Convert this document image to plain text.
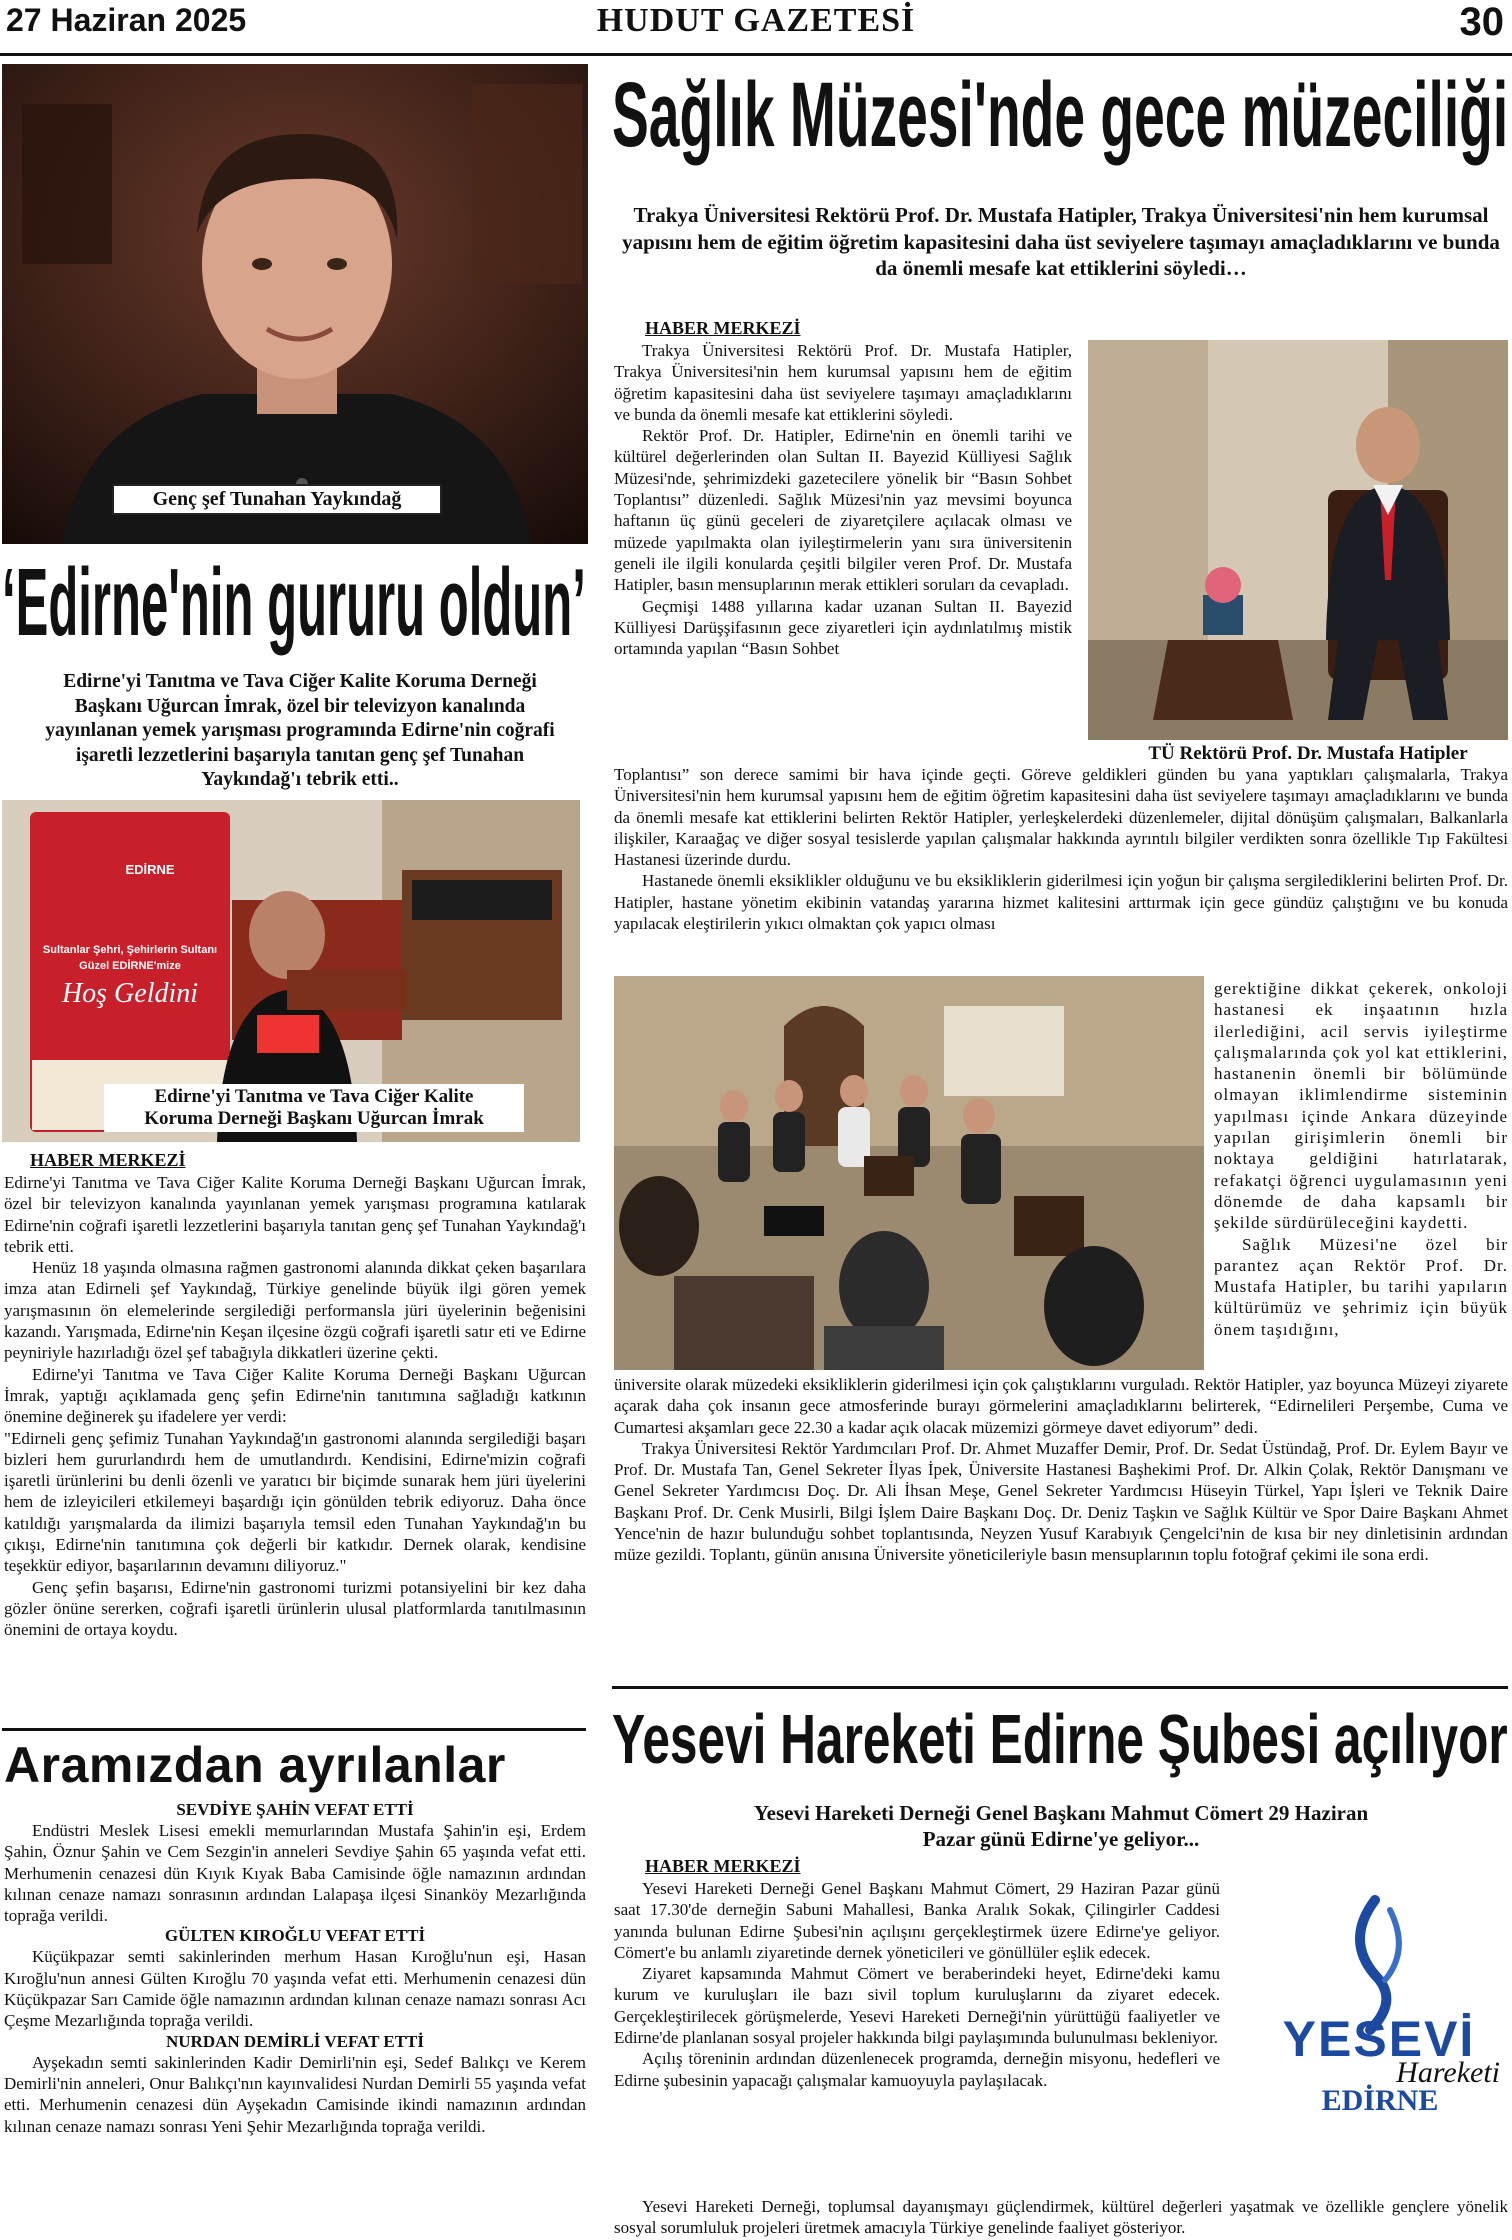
27 Haziran 2025	HUDUT GAZETESİ	30
Genç şef Tunahan Yaykındağ
‘Edirne'nin gururu oldun’
Edirne'yi Tanıtma ve Tava Ciğer Kalite Koruma Derneği Başkanı Uğurcan İmrak, özel bir televizyon kanalında yayınlanan yemek yarışması programında Edirne'nin coğrafi işaretli lezzetlerini başarıyla tanıtan genç şef Tunahan Yaykındağ'ı tebrik etti..
EDİRNE
Sultanlar Şehri, Şehirlerin Sultanı
Güzel EDİRNE'mize
Hoş Geldini
Edirne'yi Tanıtma ve Tava Ciğer Kalite
Koruma Derneği Başkanı Uğurcan İmrak
HABER MERKEZİ

Edirne'yi Tanıtma ve Tava Ciğer Kalite Koruma Derneği Başkanı Uğurcan İmrak, özel bir televizyon kanalında yayınlanan yemek yarışması programına katılarak Edirne'nin coğrafi işaretli lezzetlerini başarıyla tanıtan genç şef Tunahan Yaykındağ'ı tebrik etti.

Henüz 18 yaşında olmasına rağmen gastronomi alanında dikkat çeken başarılara imza atan Edirneli şef Yaykındağ, Türkiye genelinde büyük ilgi gören yemek yarışmasının ön elemelerinde sergilediği performansla jüri üyelerinin beğenisini kazandı. Yarışmada, Edirne'nin Keşan ilçesine özgü coğrafi işaretli satır eti ve Edirne peyniriyle hazırladığı özel şef tabağıyla dikkatleri üzerine çekti.

Edirne'yi Tanıtma ve Tava Ciğer Kalite Koruma Derneği Başkanı Uğurcan İmrak, yaptığı açıklamada genç şefin Edirne'nin tanıtımına sağladığı katkının önemine değinerek şu ifadelere yer verdi:

"Edirneli genç şefimiz Tunahan Yaykındağ'ın gastronomi alanında sergilediği başarı bizleri hem gururlandırdı hem de umutlandırdı. Kendisini, Edirne'mizin coğrafi işaretli ürünlerini bu denli özenli ve yaratıcı bir biçimde sunarak hem jüri üyelerini hem de izleyicileri etkilemeyi başardığı için gönülden tebrik ediyoruz. Daha önce katıldığı yarışmalarda da ilimizi başarıyla temsil eden Tunahan Yaykındağ'ın bu çıkışı, Edirne'nin tanıtımına çok değerli bir katkıdır. Dernek olarak, kendisine teşekkür ediyor, başarılarının devamını diliyoruz."

Genç şefin başarısı, Edirne'nin gastronomi turizmi potansiyelini bir kez daha gözler önüne sererken, coğrafi işaretli ürünlerin ulusal platformlarda tanıtılmasının önemini de ortaya koydu.

Aramızdan ayrılanlar
SEVDİYE ŞAHİN VEFAT ETTİ

Endüstri Meslek Lisesi emekli memurlarından Mustafa Şahin'in eşi, Erdem Şahin, Öznur Şahin ve Cem Sezgin'in anneleri Sevdiye Şahin 65 yaşında vefat etti. Merhumenin cenazesi dün Kıyık Kıyak Baba Camisinde öğle namazının ardından kılınan cenaze namazı sonrasının ardından Lalapaşa ilçesi Sinanköy Mezarlığında toprağa verildi.

GÜLTEN KIROĞLU VEFAT ETTİ

Küçükpazar semti sakinlerinden merhum Hasan Kıroğlu'nun eşi, Hasan Kıroğlu'nun annesi Gülten Kıroğlu 70 yaşında vefat etti. Merhumenin cenazesi dün Küçükpazar Sarı Camide öğle namazının ardından kılınan cenaze namazı sonrası Acı Çeşme Mezarlığında toprağa verildi.

NURDAN DEMİRLİ VEFAT ETTİ

Ayşekadın semti sakinlerinden Kadir Demirli'nin eşi, Sedef Balıkçı ve Kerem Demirli'nin anneleri, Onur Balıkçı'nın kayınvalidesi Nurdan Demirli 55 yaşında vefat etti. Merhumenin cenazesi dün Ayşekadın Camisinde ikindi namazının ardından kılınan cenaze namazı sonrası Yeni Şehir Mezarlığında toprağa verildi.

Sağlık Müzesi'nde gece müzeciliği
Trakya Üniversitesi Rektörü Prof. Dr. Mustafa Hatipler, Trakya Üniversitesi'nin hem kurumsal yapısını hem de eğitim öğretim kapasitesini daha üst seviyelere taşımayı amaçladıklarını ve bunda da önemli mesafe kat ettiklerini söyledi…
HABER MERKEZİ

Trakya Üniversitesi Rektörü Prof. Dr. Mustafa Hatipler, Trakya Üniversitesi'nin hem kurumsal yapısını hem de eğitim öğretim kapasitesini daha üst seviyelere taşımayı amaçladıklarını ve bunda da önemli mesafe kat ettiklerini söyledi.

Rektör Prof. Dr. Hatipler, Edirne'nin en önemli tarihi ve kültürel değerlerinden olan Sultan II. Bayezid Külliyesi Sağlık Müzesi'nde, şehrimizdeki gazetecilere yönelik bir “Basın Sohbet Toplantısı” düzenledi. Sağlık Müzesi'nin yaz mevsimi boyunca haftanın üç günü geceleri de ziyaretçilere açılacak olması ve müzede yapılmakta olan iyileştirmelerin yanı sıra üniversitenin geneli ile ilgili konularda çeşitli bilgiler veren Prof. Dr. Mustafa Hatipler, basın mensuplarının merak ettikleri soruları da cevapladı.

Geçmişi 1488 yıllarına kadar uzanan Sultan II. Bayezid Külliyesi Darüşşifasının gece ziyaretleri için aydınlatılmış mistik ortamında yapılan “Basın Sohbet

TÜ Rektörü Prof. Dr. Mustafa Hatipler

Toplantısı” son derece samimi bir hava içinde geçti. Göreve geldikleri günden bu yana yaptıkları çalışmalarla, Trakya Üniversitesi'nin hem kurumsal yapısını hem de eğitim öğretim kapasitesini daha üst seviyelere taşımayı amaçladıklarını ve bunda da önemli mesafe kat ettiklerini belirten Rektör Hatipler, yerleşkelerdeki düzenlemeler, dijital dönüşüm çalışmaları, Balkanlarla ilişkiler, Karaağaç ve diğer sosyal tesislerde yapılan çalışmalar hakkında ayrıntılı bilgiler verdikten sonra özellikle Tıp Fakültesi Hastanesi üzerinde durdu.

Hastanede önemli eksiklikler olduğunu ve bu eksikliklerin giderilmesi için yoğun bir çalışma sergilediklerini belirten Prof. Dr. Hatipler, hastane yönetim ekibinin vatandaş yararına hizmet kalitesini arttırmak için gece gündüz çalıştığını ve bu konuda yapılacak eleştirilerin yıkıcı olmaktan çok yapıcı olması

gerektiğine dikkat çekerek, onkoloji hastanesi ek inşaatının hızla ilerlediğini, acil servis iyileştirme çalışmalarında çok yol kat ettiklerini, hastanenin önemli bir bölümünde olmayan iklimlendirme sisteminin yapılması içinde Ankara düzeyinde yapılan girişimlerin önemli bir noktaya geldiğini hatırlatarak, refakatçi öğrenci uygulamasının yeni dönemde de daha kapsamlı bir şekilde sürdürüleceğini kaydetti.

Sağlık Müzesi'ne özel bir parantez açan Rektör Prof. Dr. Mustafa Hatipler, bu tarihi yapıların kültürümüz ve şehrimiz için büyük önem taşıdığını,

üniversite olarak müzedeki eksikliklerin giderilmesi için çok çalıştıklarını vurguladı. Rektör Hatipler, yaz boyunca Müzeyi ziyarete açarak daha çok insanın gece atmosferinde burayı görmelerini amaçladıklarını belirterek, “Edirnelileri Perşembe, Cuma ve Cumartesi akşamları gece 22.30 a kadar açık olacak müzemizi görmeye davet ediyorum” dedi.

Trakya Üniversitesi Rektör Yardımcıları Prof. Dr. Ahmet Muzaffer Demir, Prof. Dr. Sedat Üstündağ, Prof. Dr. Eylem Bayır ve Prof. Dr. Mustafa Tan, Genel Sekreter İlyas İpek, Üniversite Hastanesi Başhekimi Prof. Dr. Alkin Çolak, Rektör Danışmanı ve Genel Sekreter Yardımcısı Doç. Dr. Ali İhsan Meşe, Genel Sekreter Yardımcısı Hüseyin Türkel, Yapı İşleri ve Teknik Daire Başkanı Prof. Dr. Cenk Musirli, Bilgi İşlem Daire Başkanı Doç. Dr. Deniz Taşkın ve Sağlık Kültür ve Spor Daire Başkanı Ahmet Yence'nin de hazır bulunduğu sohbet toplantısında, Neyzen Yusuf Karabıyık Çengelci'nin de kısa bir ney dinletisinin ardından müze gezildi. Toplantı, günün anısına Üniversite yöneticileriyle basın mensuplarının toplu fotoğraf çekimi ile sona erdi.

Yesevi Hareketi Edirne Şubesi açılıyor
Yesevi Hareketi Derneği Genel Başkanı Mahmut Cömert 29 Haziran
Pazar günü Edirne'ye geliyor...
HABER MERKEZİ

Yesevi Hareketi Derneği Genel Başkanı Mahmut Cömert, 29 Haziran Pazar günü saat 17.30'de derneğin Sabuni Mahallesi, Banka Aralık Sokak, Çilingirler Caddesi yanında bulunan Edirne Şubesi'nin açılışını gerçekleştirmek üzere Edirne'ye geliyor. Cömert'e bu anlamlı ziyaretinde dernek yöneticileri ve gönüllüler eşlik edecek.

Ziyaret kapsamında Mahmut Cömert ve beraberindeki heyet, Edirne'deki kamu kurum ve kuruluşları ile bazı sivil toplum kuruluşlarını da ziyaret edecek. Gerçekleştirilecek görüşmelerde, Yesevi Hareketi Derneği'nin yürüttüğü faaliyetler ve Edirne'de planlanan sosyal projeler hakkında bilgi paylaşımında bulunulması bekleniyor.

Açılış töreninin ardından düzenlenecek programda, derneğin misyonu, hedefleri ve Edirne şubesinin yapacağı çalışmalar kamuoyuyla paylaşılacak.

YESEVİ
Hareketi
EDİRNE

Yesevi Hareketi Derneği, toplumsal dayanışmayı güçlendirmek, kültürel değerleri yaşatmak ve özellikle gençlere yönelik sosyal sorumluluk projeleri üretmek amacıyla Türkiye genelinde faaliyet gösteriyor.
